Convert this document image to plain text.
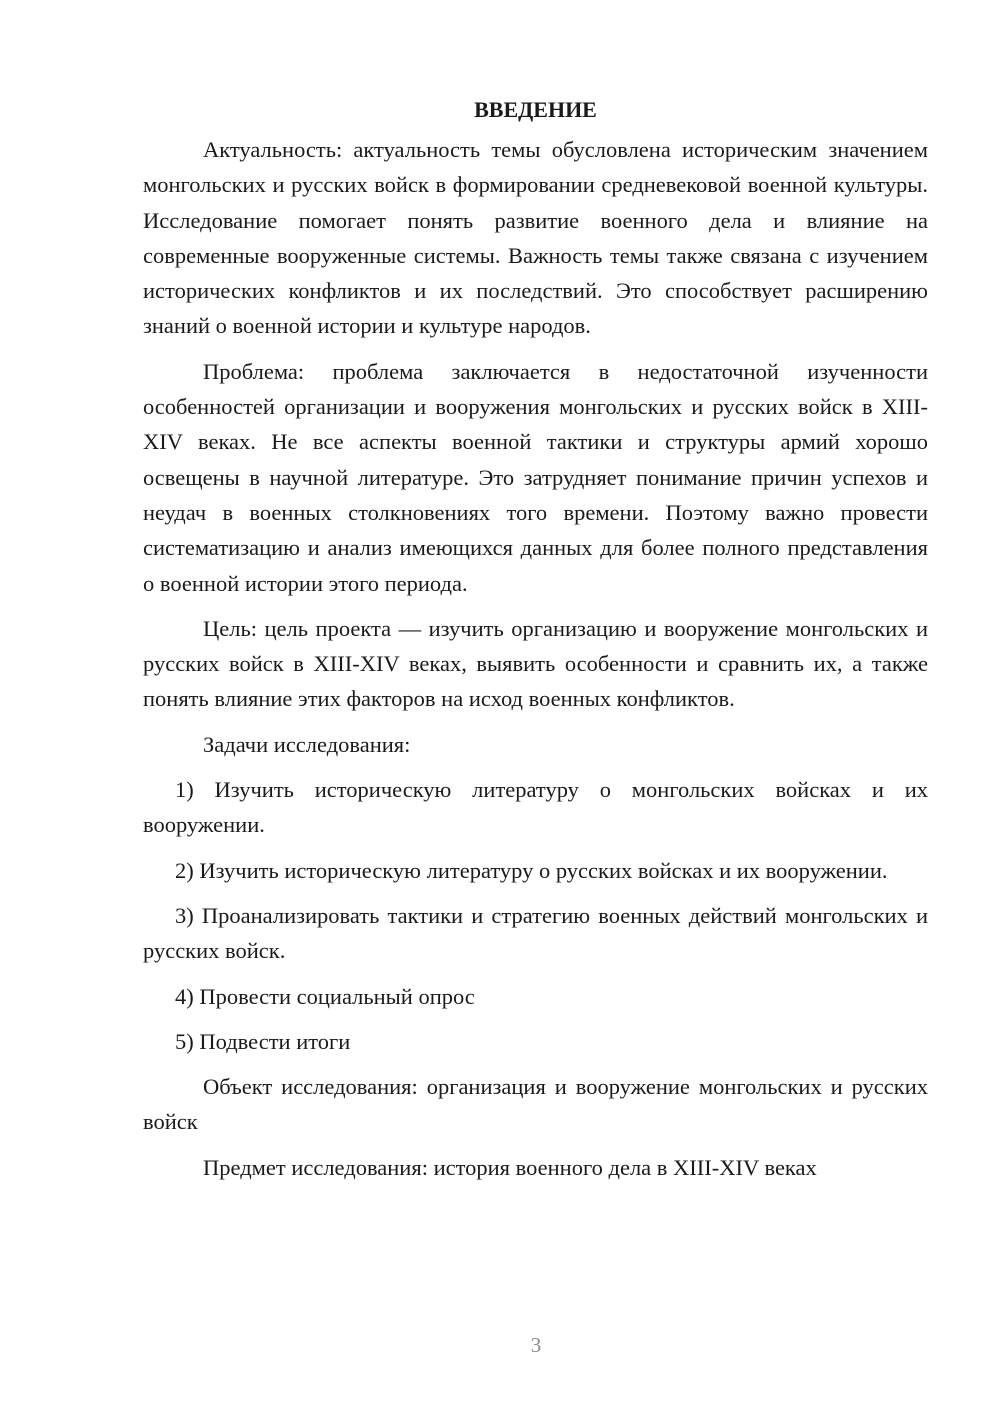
ВВЕДЕНИЕ

Актуальность: актуальность темы обусловлена историческим значением монгольских и русских войск в формировании средневековой военной культуры. Исследование помогает понять развитие военного дела и влияние на современные вооруженные системы. Важность темы также связана с изучением исторических конфликтов и их последствий. Это способствует расширению знаний о военной истории и культуре народов.

Проблема: проблема заключается в недостаточной изученности особенностей организации и вооружения монгольских и русских войск в XIII-XIV веках. Не все аспекты военной тактики и структуры армий хорошо освещены в научной литературе. Это затрудняет понимание причин успехов и неудач в военных столкновениях того времени. Поэтому важно провести систематизацию и анализ имеющихся данных для более полного представления о военной истории этого периода.

Цель: цель проекта — изучить организацию и вооружение монгольских и русских войск в XIII-XIV веках, выявить особенности и сравнить их, а также понять влияние этих факторов на исход военных конфликтов.

Задачи исследования:

1) Изучить историческую литературу о монгольских войсках и их вооружении.

2) Изучить историческую литературу о русских войсках и их вооружении.

3) Проанализировать тактики и стратегию военных действий монгольских и русских войск.

4) Провести социальный опрос

5) Подвести итоги

Объект исследования: организация и вооружение монгольских и русских войск

Предмет исследования: история военного дела в XIII-XIV веках

3
